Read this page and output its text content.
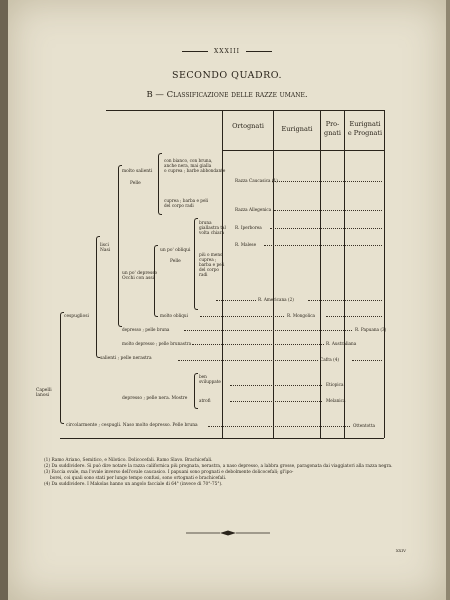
XXXIII
SECONDO QUADRO.
B — Classificazione delle razze umane.
Ortognati	Eurignati
Pro-
gnati
Eurignati
e Prognati
Capelli
lanosi
cespugliosi
lisci
Nasi
molto salienti
Pelle
un po' depresso
Occhi con assi
un po' obliqui
Pelle
salienti ; pelle nerastra
depresso ; pelle nera. Mostre
circolarmente ; cespugli. Naso molto depresso. Pelle bruna
con bianco, con bruna,
anche nera, mai gialla
o cuprea ; barbe abbondante
cuprea ; barba e peli
del corpo radi
bruna
giallastra tal
volta chiara
più o meno
cuprea ;
barba e peli
del corpo
radi
molto obliqui
depresso ; pelle bruna
molto depresso ; pelle brunastra
ben
sviluppate
atrofi
Razza Caucasica (1)
Razza Allegenica
R. Iperborea
R. Malese
R. Americana (2)
R. Mongolica
R. Papuana (3)
R. Australiana
Cafra (4)
Etiopica
Melanica
Ottentotta
(1) Ramo Ariano, Semitico, e Nilotico. Dolicocefali. Ramo Slavo. Brachicefali.
(2) Da suddividere. Si può dire notare la razza californica più prognata, nerastra, a naso depresso, a labbra grosse, paragonata dai viaggiatori alla razza negra.
(3) Faccia ovale, ma l'ovale inverso dell'ovale caucasico. I papuani sono prognati e debolmente dolicocefali; gl'ipo-
borei, coi quali sono stati per lungo tempo confusi, sono ortognati e brachicefali.
(4) Da suddividere. I Makolas hanno un angolo facciale di 64° (invece di 70°-75°).
XXIV
